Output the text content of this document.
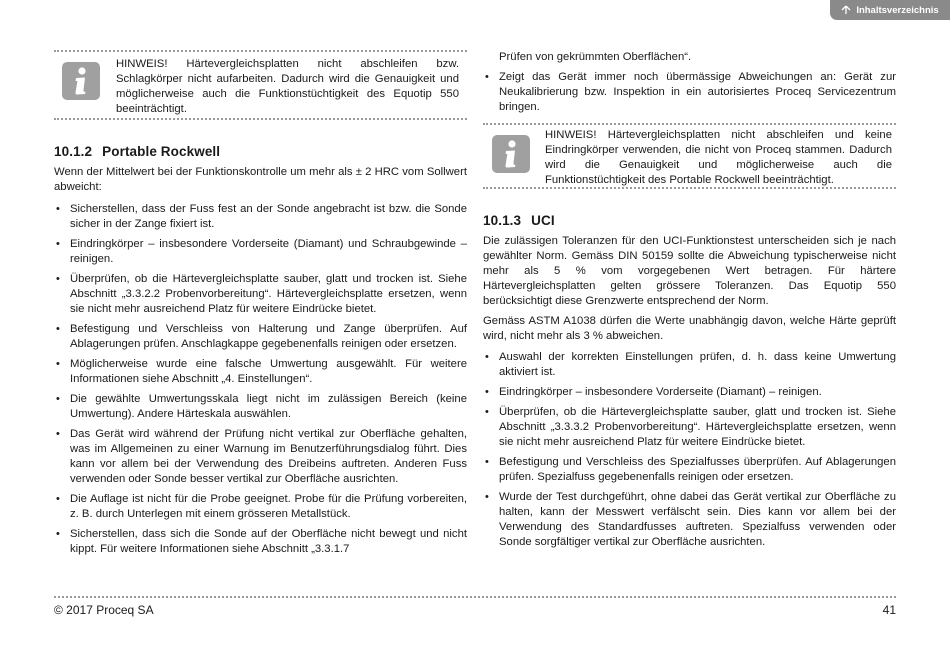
Inhaltsverzeichnis
HINWEIS! Härtevergleichsplatten nicht abschleifen bzw. Schlagkörper nicht aufarbeiten. Dadurch wird die Genauigkeit und möglicherweise auch die Funktionstüchtigkeit des Equotip 550 beeinträchtigt.
10.1.2 Portable Rockwell

Wenn der Mittelwert bei der Funktionskontrolle um mehr als ± 2 HRC vom Sollwert abweicht:

• Sicherstellen, dass der Fuss fest an der Sonde angebracht ist bzw. die Sonde sicher in der Zange fixiert ist.
• Eindringkörper – insbesondere Vorderseite (Diamant) und Schraubgewinde – reinigen.
• Überprüfen, ob die Härtevergleichsplatte sauber, glatt und trocken ist. Siehe Abschnitt „3.3.2.2 Probenvorbereitung“. Härtevergleichsplatte ersetzen, wenn sie nicht mehr ausreichend Platz für weitere Eindrücke bietet.
• Befestigung und Verschleiss von Halterung und Zange überprüfen. Auf Ablagerungen prüfen. Anschlagkappe gegebenenfalls reinigen oder ersetzen.
• Möglicherweise wurde eine falsche Umwertung ausgewählt. Für weitere Informationen siehe Abschnitt „4. Einstellungen“.
• Die gewählte Umwertungsskala liegt nicht im zulässigen Bereich (keine Umwertung). Andere Härteskala auswählen.
• Das Gerät wird während der Prüfung nicht vertikal zur Oberfläche gehalten, was im Allgemeinen zu einer Warnung im Benutzerführungsdialog führt. Dies kann vor allem bei der Verwendung des Dreibeins auftreten. Anderen Fuss verwenden oder Sonde besser vertikal zur Oberfläche ausrichten.
• Die Auflage ist nicht für die Probe geeignet. Probe für die Prüfung vorbereiten, z. B. durch Unterlegen mit einem grösseren Metallstück.
• Sicherstellen, dass sich die Sonde auf der Oberfläche nicht bewegt und nicht kippt. Für weitere Informationen siehe Abschnitt „3.3.1.7

Prüfen von gekrümmten Oberflächen“.

• Zeigt das Gerät immer noch übermässige Abweichungen an: Gerät zur Neukalibrierung bzw. Inspektion in ein autorisiertes Proceq Servicezentrum bringen.
HINWEIS! Härtevergleichsplatten nicht abschleifen und keine Eindringkörper verwenden, die nicht von Proceq stammen. Dadurch wird die Genauigkeit und möglicherweise auch die Funktionstüchtigkeit des Portable Rockwell beeinträchtigt.
10.1.3 UCI

Die zulässigen Toleranzen für den UCI-Funktionstest unterscheiden sich je nach gewählter Norm. Gemäss DIN 50159 sollte die Abweichung typischerweise nicht mehr als 5 % vom vorgegebenen Wert betragen. Für härtere Härtevergleichsplatten gelten grössere Toleranzen. Das Equotip 550 berücksichtigt diese Grenzwerte entsprechend der Norm.

Gemäss ASTM A1038 dürfen die Werte unabhängig davon, welche Härte geprüft wird, nicht mehr als 3 % abweichen.

• Auswahl der korrekten Einstellungen prüfen, d. h. dass keine Umwertung aktiviert ist.
• Eindringkörper – insbesondere Vorderseite (Diamant) – reinigen.
• Überprüfen, ob die Härtevergleichsplatte sauber, glatt und trocken ist. Siehe Abschnitt „3.3.3.2 Probenvorbereitung“. Härtevergleichsplatte ersetzen, wenn sie nicht mehr ausreichend Platz für weitere Eindrücke bietet.
• Befestigung und Verschleiss des Spezialfusses überprüfen. Auf Ablagerungen prüfen. Spezialfuss gegebenenfalls reinigen oder ersetzen.
• Wurde der Test durchgeführt, ohne dabei das Gerät vertikal zur Oberfläche zu halten, kann der Messwert verfälscht sein. Dies kann vor allem bei der Verwendung des Standardfusses auftreten. Spezialfuss verwenden oder Sonde sorgfältiger vertikal zur Oberfläche ausrichten.
© 2017 Proceq SA	41
